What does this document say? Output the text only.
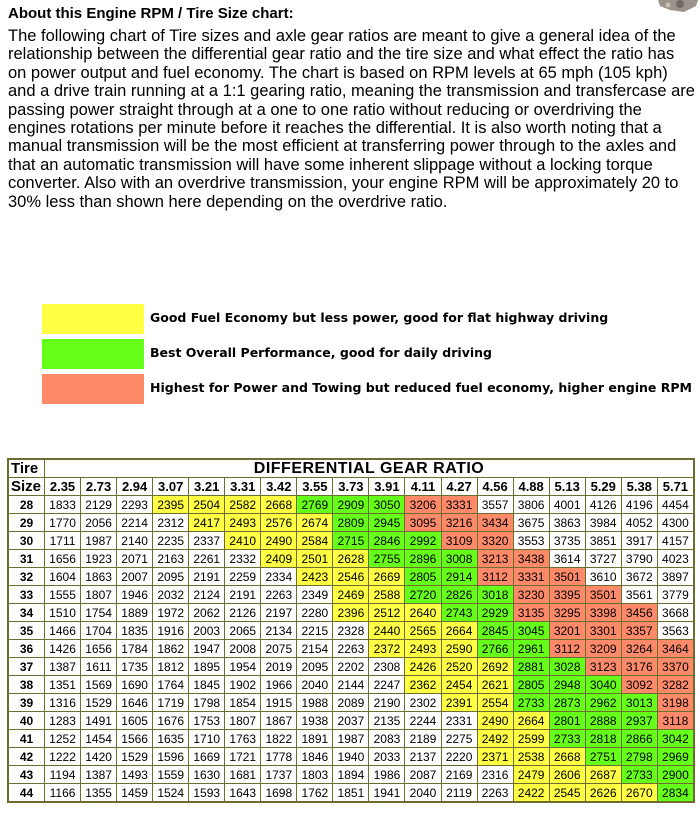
About this Engine RPM / Tire Size chart:

The following chart of Tire sizes and axle gear ratios are meant to give a general idea of the relationship between the differential gear ratio and the tire size and what effect the ratio has on power output and fuel economy. The chart is based on RPM levels at 65 mph (105 kph) and a drive train running at a 1:1 gearing ratio, meaning the transmission and transfercase are passing power straight through at a one to one ratio without reducing or overdriving the engines rotations per minute before it reaches the differential. It is also worth noting that a manual transmission will be the most efficient at transferring power through to the axles and that an automatic transmission will have some inherent slippage without a locking torque converter. Also with an overdrive transmission, your engine RPM will be approximately 20 to 30% less than shown here depending on the overdrive ratio.

Good Fuel Economy but less power, good for flat highway driving
Best Overall Performance, good for daily driving
Highest for Power and Towing but reduced fuel economy, higher engine RPM
Tire	DIFFERENTIAL GEAR RATIO																	
Size	2.35	2.73	2.94	3.07	3.21	3.31	3.42	3.55	3.73	3.91	4.11	4.27	4.56	4.88	5.13	5.29	5.38	5.71
28	1833	2129	2293	2395	2504	2582	2668	2769	2909	3050	3206	3331	3557	3806	4001	4126	4196	4454
29	1770	2056	2214	2312	2417	2493	2576	2674	2809	2945	3095	3216	3434	3675	3863	3984	4052	4300
30	1711	1987	2140	2235	2337	2410	2490	2584	2715	2846	2992	3109	3320	3553	3735	3851	3917	4157
31	1656	1923	2071	2163	2261	2332	2409	2501	2628	2755	2896	3008	3213	3438	3614	3727	3790	4023
32	1604	1863	2007	2095	2191	2259	2334	2423	2546	2669	2805	2914	3112	3331	3501	3610	3672	3897
33	1555	1807	1946	2032	2124	2191	2263	2349	2469	2588	2720	2826	3018	3230	3395	3501	3561	3779
34	1510	1754	1889	1972	2062	2126	2197	2280	2396	2512	2640	2743	2929	3135	3295	3398	3456	3668
35	1466	1704	1835	1916	2003	2065	2134	2215	2328	2440	2565	2664	2845	3045	3201	3301	3357	3563
36	1426	1656	1784	1862	1947	2008	2075	2154	2263	2372	2493	2590	2766	2961	3112	3209	3264	3464
37	1387	1611	1735	1812	1895	1954	2019	2095	2202	2308	2426	2520	2692	2881	3028	3123	3176	3370
38	1351	1569	1690	1764	1845	1902	1966	2040	2144	2247	2362	2454	2621	2805	2948	3040	3092	3282
39	1316	1529	1646	1719	1798	1854	1915	1988	2089	2190	2302	2391	2554	2733	2873	2962	3013	3198
40	1283	1491	1605	1676	1753	1807	1867	1938	2037	2135	2244	2331	2490	2664	2801	2888	2937	3118
41	1252	1454	1566	1635	1710	1763	1822	1891	1987	2083	2189	2275	2492	2599	2733	2818	2866	3042
42	1222	1420	1529	1596	1669	1721	1778	1846	1940	2033	2137	2220	2371	2538	2668	2751	2798	2969
43	1194	1387	1493	1559	1630	1681	1737	1803	1894	1986	2087	2169	2316	2479	2606	2687	2733	2900
44	1166	1355	1459	1524	1593	1643	1698	1762	1851	1941	2040	2119	2263	2422	2545	2626	2670	2834
